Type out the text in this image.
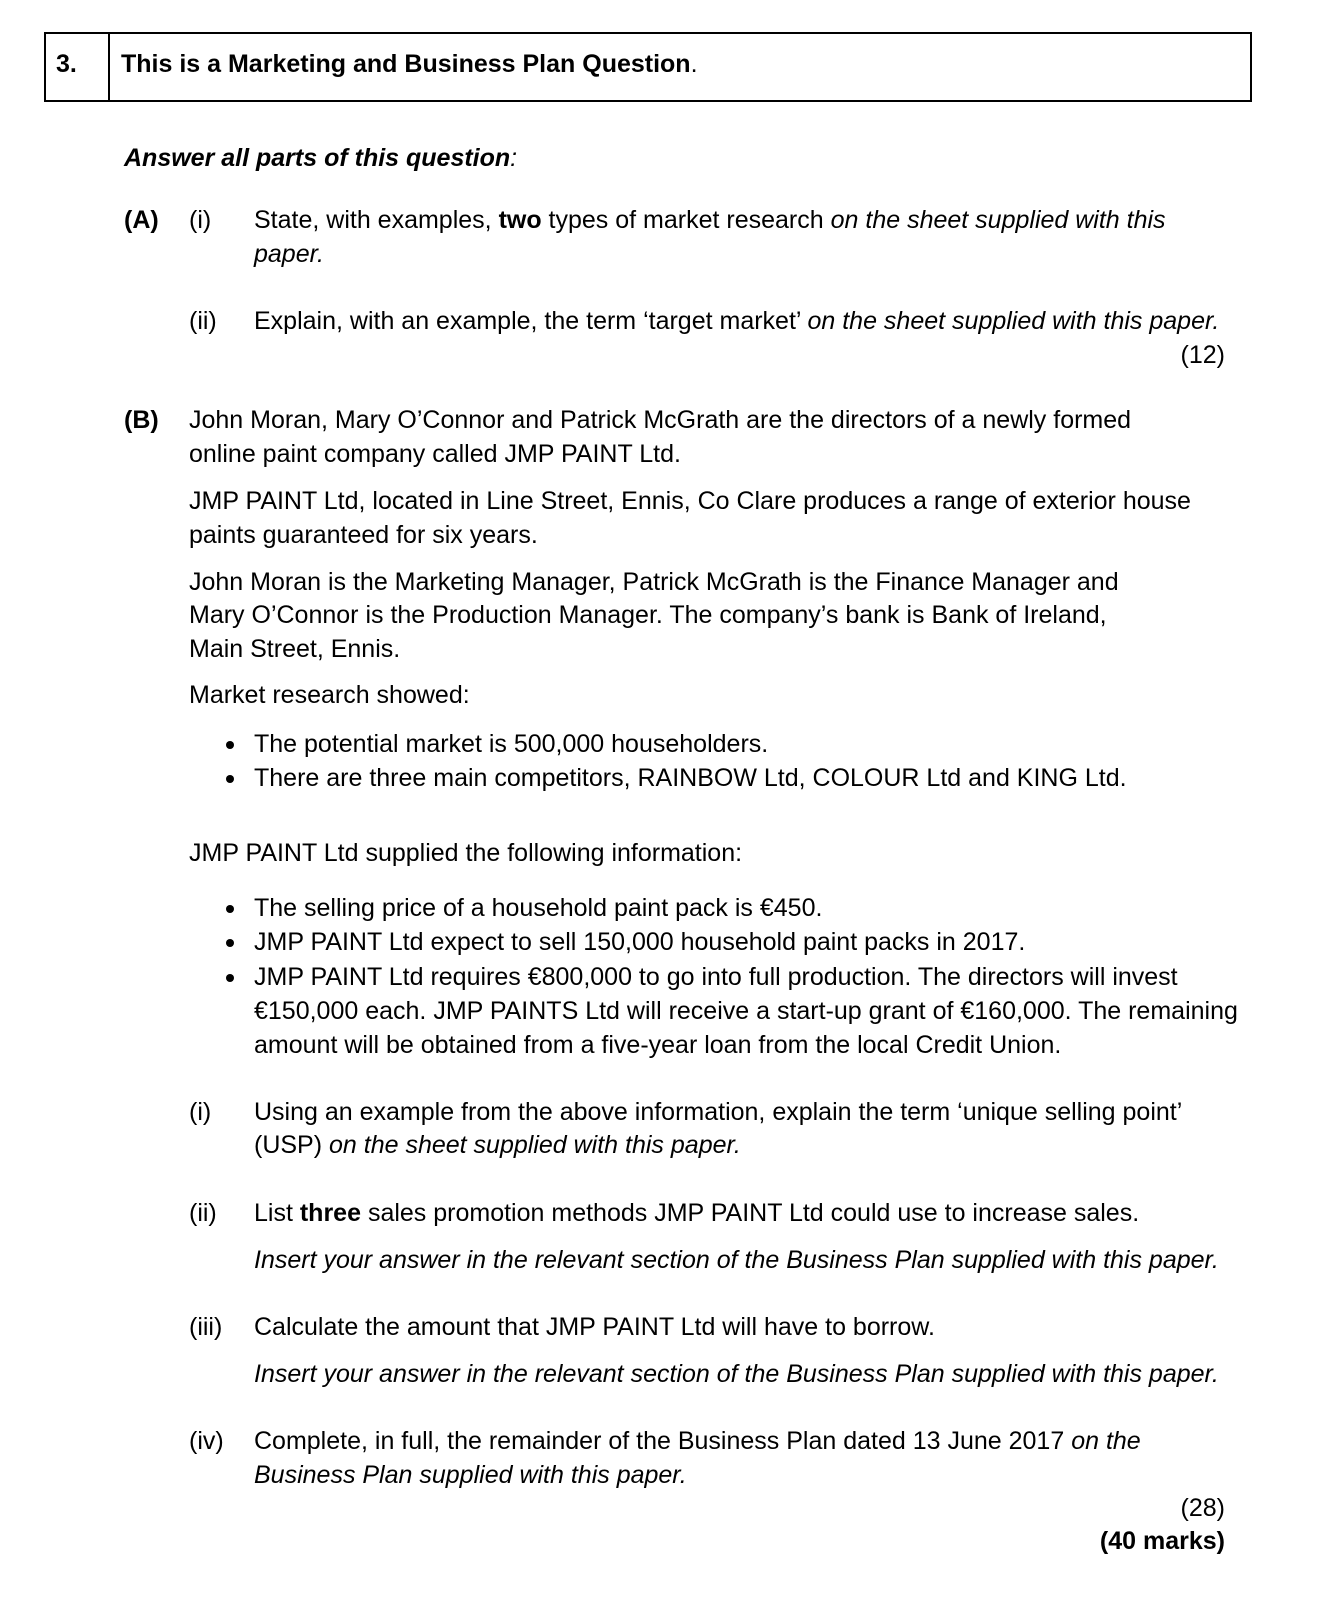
3. This is a Marketing and Business Plan Question.
Answer all parts of this question:
(A) (i) State, with examples, two types of market research on the sheet supplied with this
paper.
(ii) Explain, with an example, the term ‘target market’ on the sheet supplied with this paper.
(12)
(B) John Moran, Mary O’Connor and Patrick McGrath are the directors of a newly formed
online paint company called JMP PAINT Ltd.
JMP PAINT Ltd, located in Line Street, Ennis, Co Clare produces a range of exterior house
paints guaranteed for six years.
John Moran is the Marketing Manager, Patrick McGrath is the Finance Manager and
Mary O’Connor is the Production Manager. The company’s bank is Bank of Ireland,
Main Street, Ennis.
Market research showed:
The potential market is 500,000 householders.
There are three main competitors, RAINBOW Ltd, COLOUR Ltd and KING Ltd.
JMP PAINT Ltd supplied the following information:
The selling price of a household paint pack is €450.
JMP PAINT Ltd expect to sell 150,000 household paint packs in 2017.
JMP PAINT Ltd requires €800,000 to go into full production. The directors will invest
€150,000 each. JMP PAINTS Ltd will receive a start-up grant of €160,000. The remaining
amount will be obtained from a five-year loan from the local Credit Union.
(i) Using an example from the above information, explain the term ‘unique selling point’
(USP) on the sheet supplied with this paper.
(ii) List three sales promotion methods JMP PAINT Ltd could use to increase sales.
Insert your answer in the relevant section of the Business Plan supplied with this paper.
(iii) Calculate the amount that JMP PAINT Ltd will have to borrow.
Insert your answer in the relevant section of the Business Plan supplied with this paper.
(iv) Complete, in full, the remainder of the Business Plan dated 13 June 2017 on the
Business Plan supplied with this paper.
(28)
(40 marks)
